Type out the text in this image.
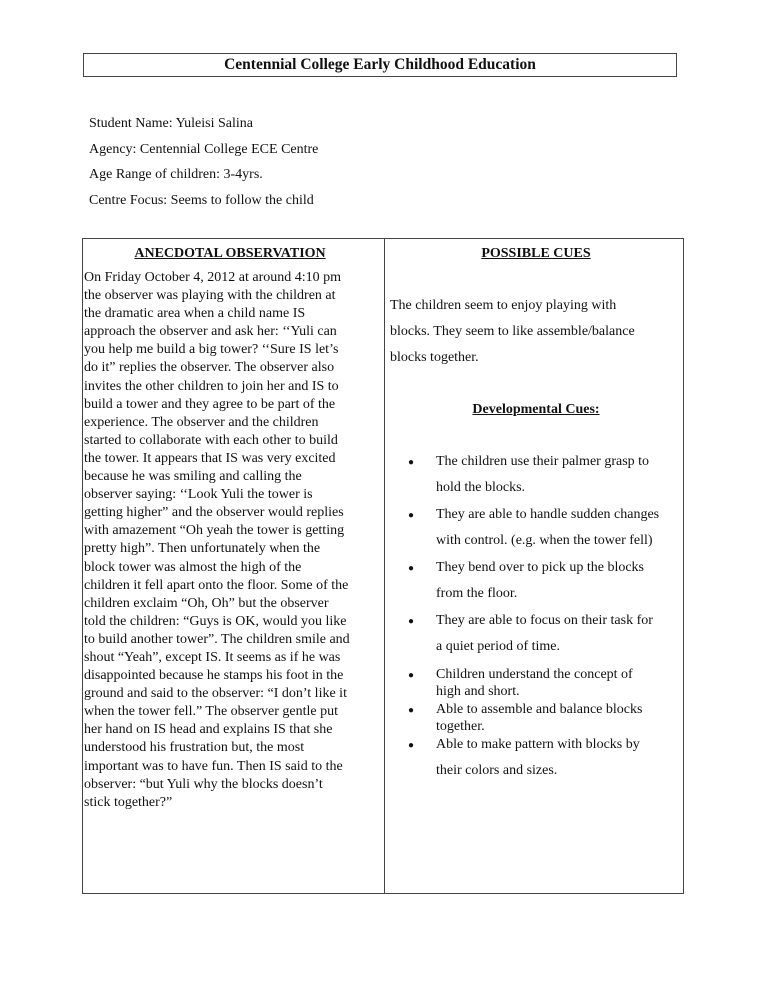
Centennial College Early Childhood Education
Student Name: Yuleisi Salina
Agency: Centennial College ECE Centre
Age Range of children: 3-4yrs.
Centre Focus: Seems to follow the child
ANECDOTAL OBSERVATION
On Friday October 4, 2012 at around 4:10 pm
the observer was playing with the children at
the dramatic area when a child name IS
approach the observer and ask her: ‘‘Yuli can
you help me build a big tower? ‘‘Sure IS let’s
do it” replies the observer. The observer also
invites the other children to join her and IS to
build a tower and they agree to be part of the
experience. The observer and the children
started to collaborate with each other to build
the tower. It appears that IS was very excited
because he was smiling and calling the
observer saying: ‘‘Look Yuli the tower is
getting higher” and the observer would replies
with amazement “Oh yeah the tower is getting
pretty high”. Then unfortunately when the
block tower was almost the high of the
children it fell apart onto the floor. Some of the
children exclaim “Oh, Oh” but the observer
told the children: “Guys is OK, would you like
to build another tower”. The children smile and
shout “Yeah”, except IS. It seems as if he was
disappointed because he stamps his foot in the
ground and said to the observer: “I don’t like it
when the tower fell.” The observer gentle put
her hand on IS head and explains IS that she
understood his frustration but, the most
important was to have fun. Then IS said to the
observer: “but Yuli why the blocks doesn’t
stick together?”
POSSIBLE CUES
The children seem to enjoy playing with
blocks. They seem to like assemble/balance
blocks together.
Developmental Cues:
● The children use their palmer grasp to
hold the blocks.
● They are able to handle sudden changes
with control. (e.g. when the tower fell)
● They bend over to pick up the blocks
from the floor.
● They are able to focus on their task for
a quiet period of time.
● Children understand the concept of
high and short.
● Able to assemble and balance blocks
together.
● Able to make pattern with blocks by
their colors and sizes.
